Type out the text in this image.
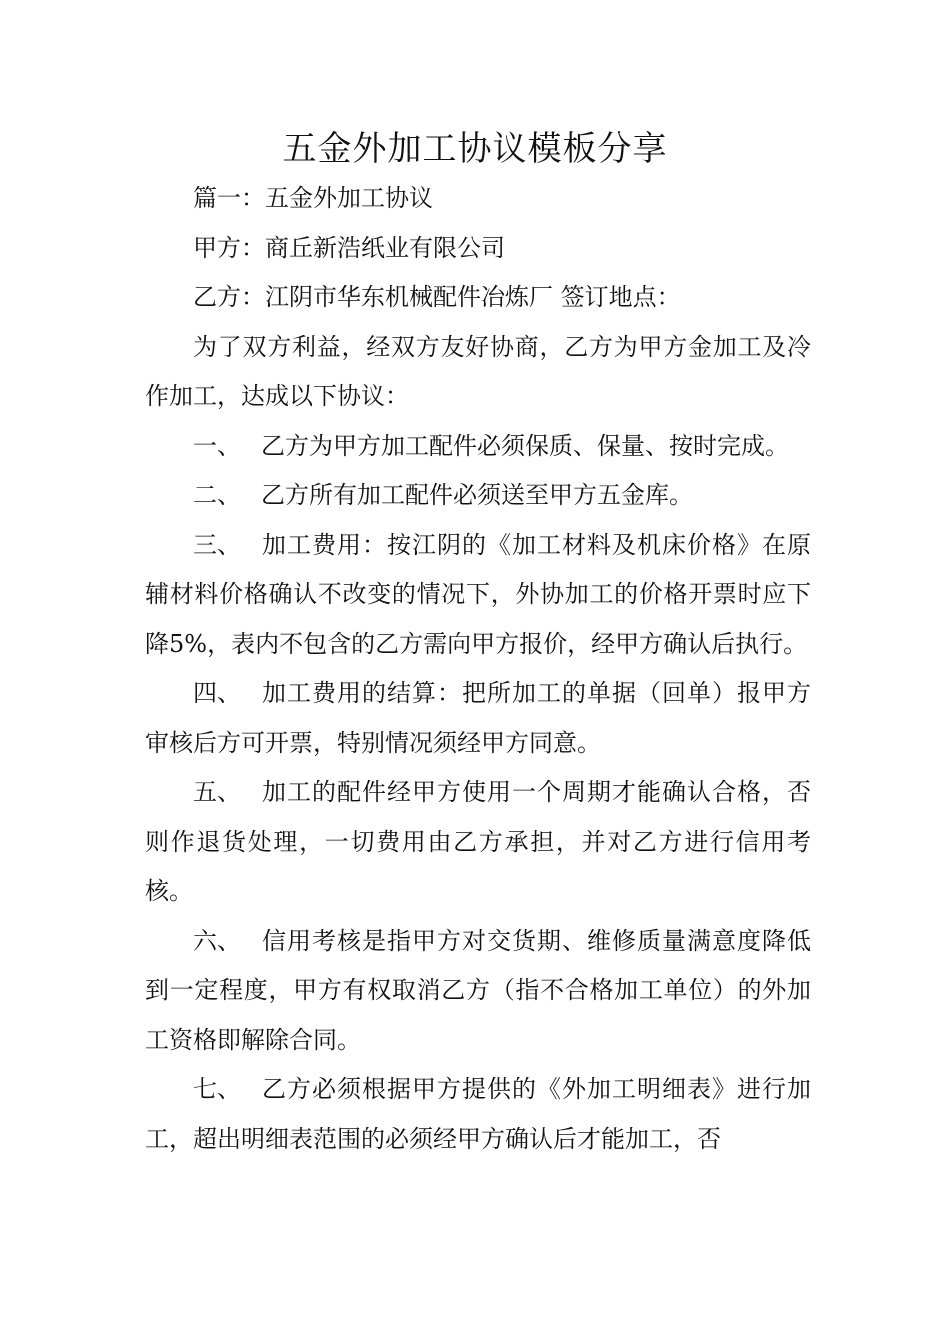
五金外加工协议模板分享

篇一：五金外加工协议

甲方：商丘新浩纸业有限公司

乙方：江阴市华东机械配件冶炼厂 签订地点：

为了双方利益，经双方友好协商，乙方为甲方金加工及冷作加工，达成以下协议：

一、 乙方为甲方加工配件必须保质、保量、按时完成。

二、 乙方所有加工配件必须送至甲方五金库。

三、 加工费用：按江阴的《加工材料及机床价格》在原辅材料价格确认不改变的情况下，外协加工的价格开票时应下降5%，表内不包含的乙方需向甲方报价，经甲方确认后执行。

四、 加工费用的结算：把所加工的单据（回单）报甲方审核后方可开票，特别情况须经甲方同意。

五、 加工的配件经甲方使用一个周期才能确认合格，否则作退货处理，一切费用由乙方承担，并对乙方进行信用考核。

六、 信用考核是指甲方对交货期、维修质量满意度降低到一定程度，甲方有权取消乙方（指不合格加工单位）的外加工资格即解除合同。

七、 乙方必须根据甲方提供的《外加工明细表》进行加工，超出明细表范围的必须经甲方确认后才能加工，否
